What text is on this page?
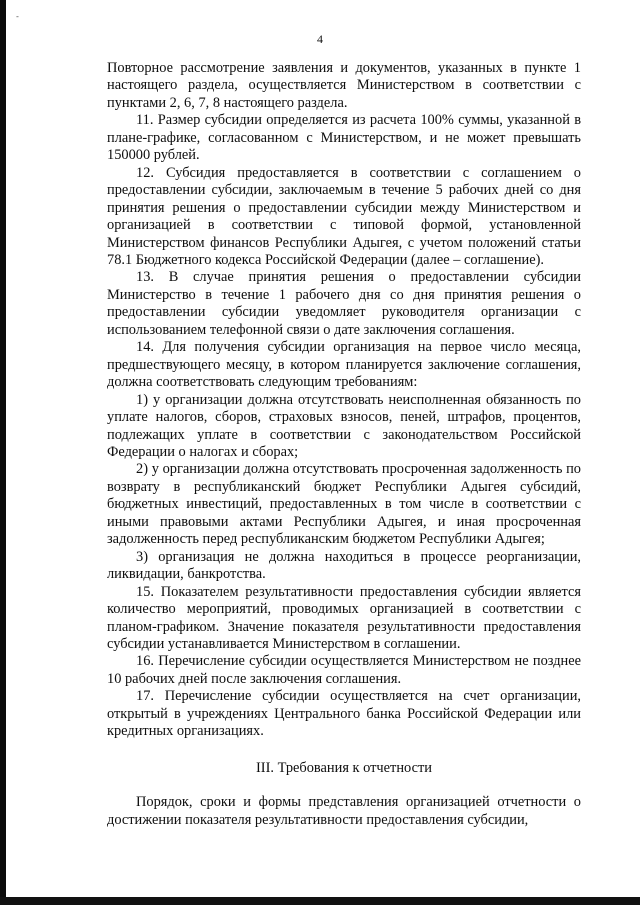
-
4

Повторное рассмотрение заявления и документов, указанных в пункте 1 настоящего раздела, осуществляется Министерством в соответствии с пунктами 2, 6, 7, 8 настоящего раздела.

11. Размер субсидии определяется из расчета 100% суммы, указанной в плане-графике, согласованном с Министерством, и не может превышать 150000 рублей.

12. Субсидия предоставляется в соответствии с соглашением о предоставлении субсидии, заключаемым в течение 5 рабочих дней со дня принятия решения о предоставлении субсидии между Министерством и организацией в соответствии с типовой формой, установленной Министерством финансов Республики Адыгея, с учетом положений статьи 78.1 Бюджетного кодекса Российской Федерации (далее – соглашение).

13. В случае принятия решения о предоставлении субсидии Министерство в течение 1 рабочего дня со дня принятия решения о предоставлении субсидии уведомляет руководителя организации с использованием телефонной связи о дате заключения соглашения.

14. Для получения субсидии организация на первое число месяца, предшествующего месяцу, в котором планируется заключение соглашения, должна соответствовать следующим требованиям:

1) у организации должна отсутствовать неисполненная обязанность по уплате налогов, сборов, страховых взносов, пеней, штрафов, процентов, подлежащих уплате в соответствии с законодательством Российской Федерации о налогах и сборах;

2) у организации должна отсутствовать просроченная задолженность по возврату в республиканский бюджет Республики Адыгея субсидий, бюджетных инвестиций, предоставленных в том числе в соответствии с иными правовыми актами Республики Адыгея, и иная просроченная задолженность перед республиканским бюджетом Республики Адыгея;

3) организация не должна находиться в процессе реорганизации, ликвидации, банкротства.

15. Показателем результативности предоставления субсидии является количество мероприятий, проводимых организацией в соответствии с планом-графиком. Значение показателя результативности предоставления субсидии устанавливается Министерством в соглашении.

16. Перечисление субсидии осуществляется Министерством не позднее 10 рабочих дней после заключения соглашения.

17. Перечисление субсидии осуществляется на счет организации, открытый в учреждениях Центрального банка Российской Федерации или кредитных организациях.

III. Требования к отчетности

Порядок, сроки и формы представления организацией отчетности о достижении показателя результативности предоставления субсидии,
